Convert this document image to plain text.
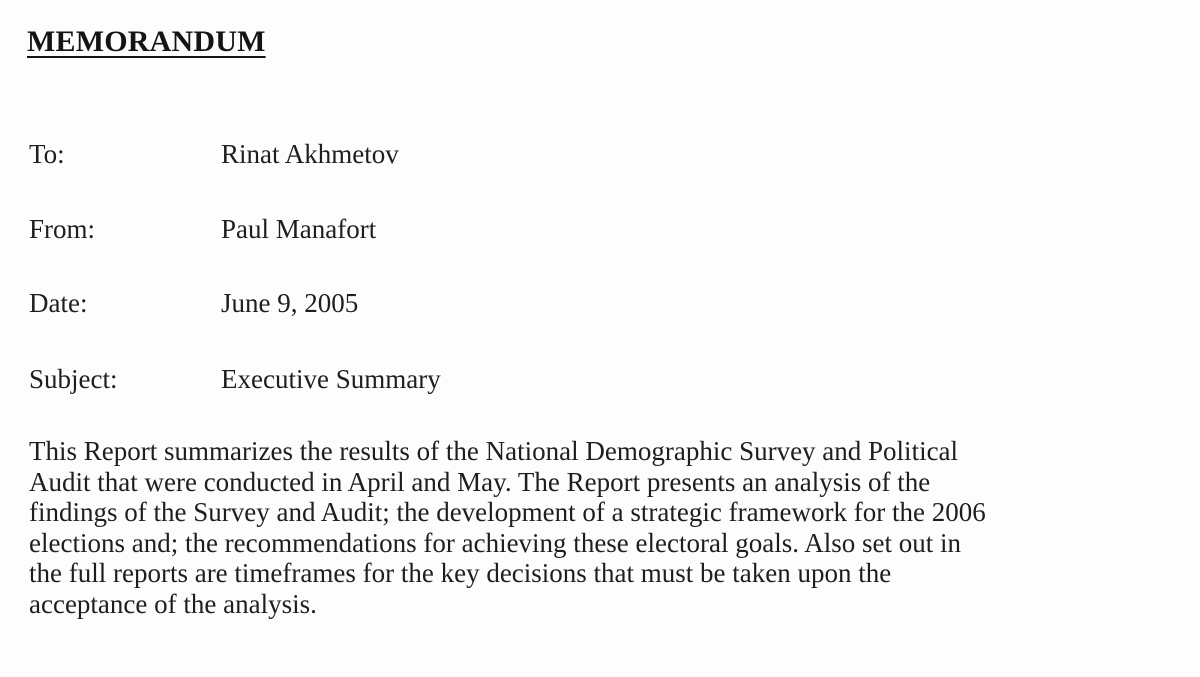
MEMORANDUM
To:	Rinat Akhmetov
From:	Paul Manafort
Date:	June 9, 2005
Subject:	Executive Summary

This Report summarizes the results of the National Demographic Survey and Political
Audit that were conducted in April and May. The Report presents an analysis of the
findings of the Survey and Audit; the development of a strategic framework for the 2006
elections and; the recommendations for achieving these electoral goals. Also set out in
the full reports are timeframes for the key decisions that must be taken upon the
acceptance of the analysis.
